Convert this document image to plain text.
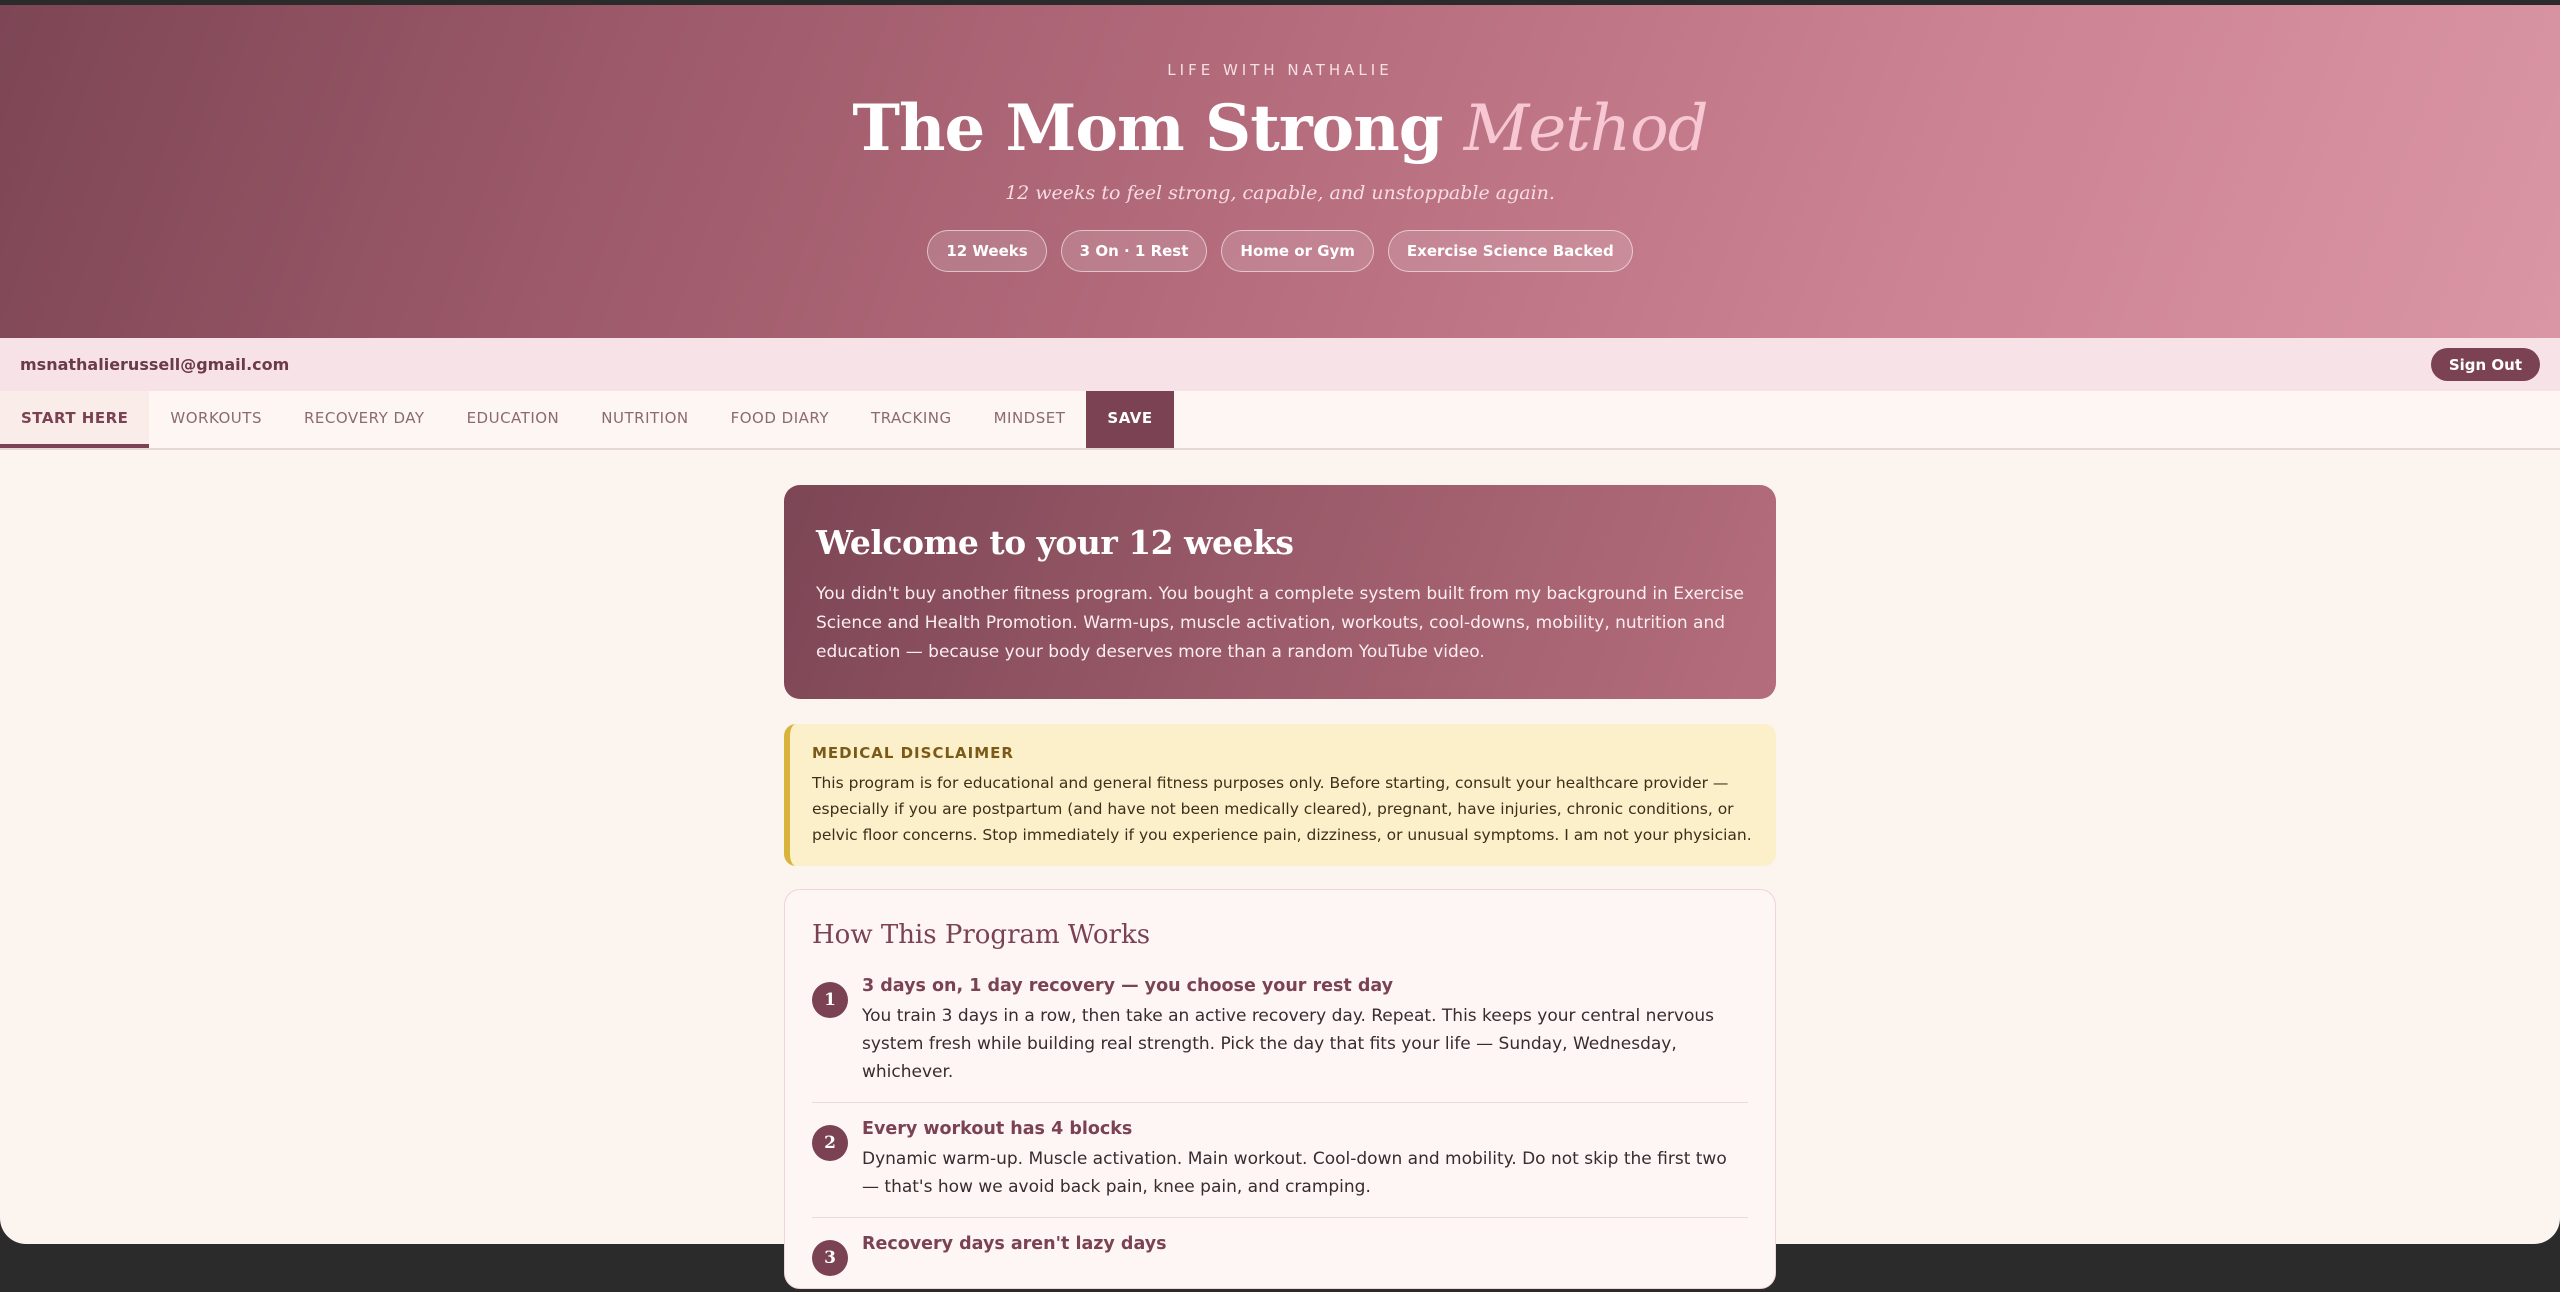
LIFE WITH NATHALIE
The Mom Strong Method
12 weeks to feel strong, capable, and unstoppable again.
12 Weeks	3 On · 1 Rest	Home or Gym	Exercise Science Backed
msnathalierussell@gmail.com	Sign Out
START HERE	WORKOUTS	RECOVERY DAY	EDUCATION	NUTRITION	FOOD DIARY	TRACKING	MINDSET	SAVE
Welcome to your 12 weeks

You didn't buy another fitness program. You bought a complete system built from my background in Exercise Science and Health Promotion. Warm-ups, muscle activation, workouts, cool-downs, mobility, nutrition and education — because your body deserves more than a random YouTube video.

MEDICAL DISCLAIMER

This program is for educational and general fitness purposes only. Before starting, consult your healthcare provider — especially if you are postpartum (and have not been medically cleared), pregnant, have injuries, chronic conditions, or pelvic floor concerns. Stop immediately if you experience pain, dizziness, or unusual symptoms. I am not your physician.

How This Program Works
1
3 days on, 1 day recovery — you choose your rest day
You train 3 days in a row, then take an active recovery day. Repeat. This keeps your central nervous system fresh while building real strength. Pick the day that fits your life — Sunday, Wednesday, whichever.
2
Every workout has 4 blocks
Dynamic warm-up. Muscle activation. Main workout. Cool-down and mobility. Do not skip the first two — that's how we avoid back pain, knee pain, and cramping.
3
Recovery days aren't lazy days
